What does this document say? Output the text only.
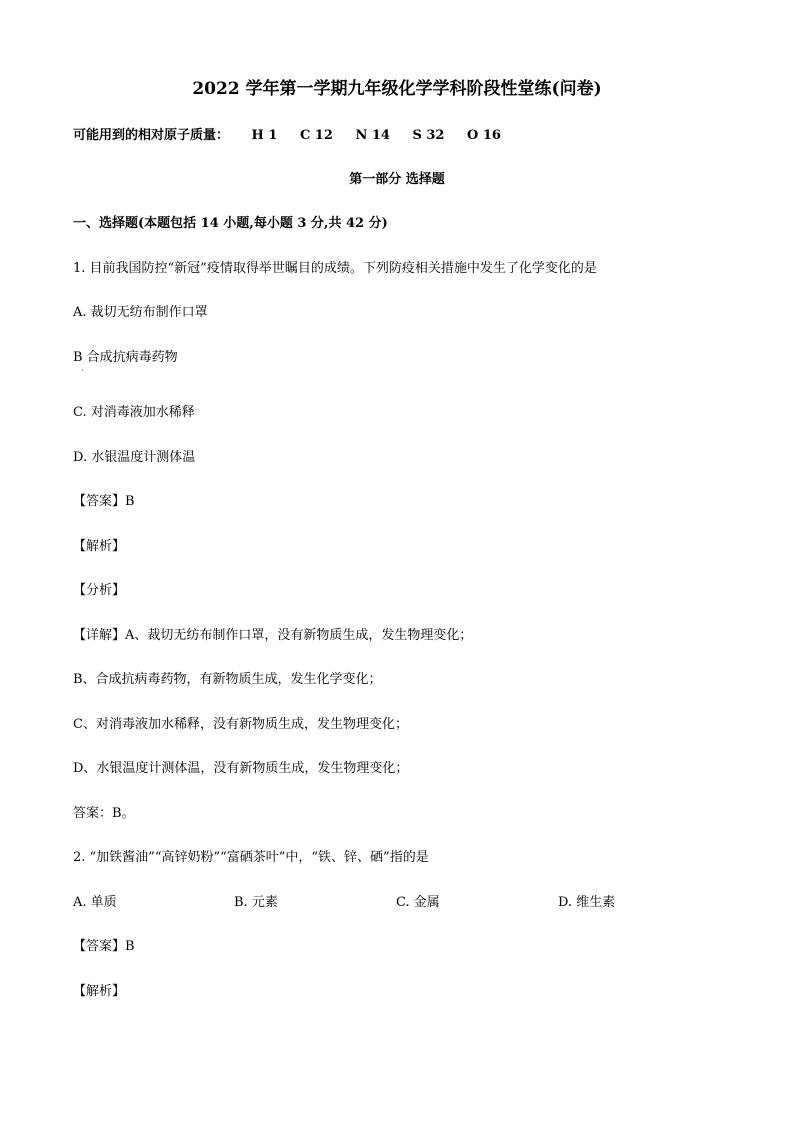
2022 学年第一学期九年级化学学科阶段性堂练(问卷)
可能用到的相对原子质量： H 1 C 12 N 14 S 32 O 16
第一部分 选择题
一、选择题(本题包括 14 小题,每小题 3 分,共 42 分)
1. 目前我国防控“新冠”疫情取得举世瞩目的成绩。下列防疫相关措施中发生了化学变化的是
A. 裁切无纺布制作口罩
B 合成抗病毒药物
·
C. 对消毒液加水稀释
D. 水银温度计测体温
【答案】B
【解析】
【分析】
【详解】A、裁切无纺布制作口罩，没有新物质生成，发生物理变化；
B、合成抗病毒药物，有新物质生成，发生化学变化；
C、对消毒液加水稀释，没有新物质生成，发生物理变化；
D、水银温度计测体温，没有新物质生成，发生物理变化；
答案：B。
2. “加铁酱油”“高锌奶粉”“富硒茶叶”中，“铁、锌、硒”指的是
A. 单质	B. 元素	C. 金属	D. 维生素
【答案】B
【解析】
